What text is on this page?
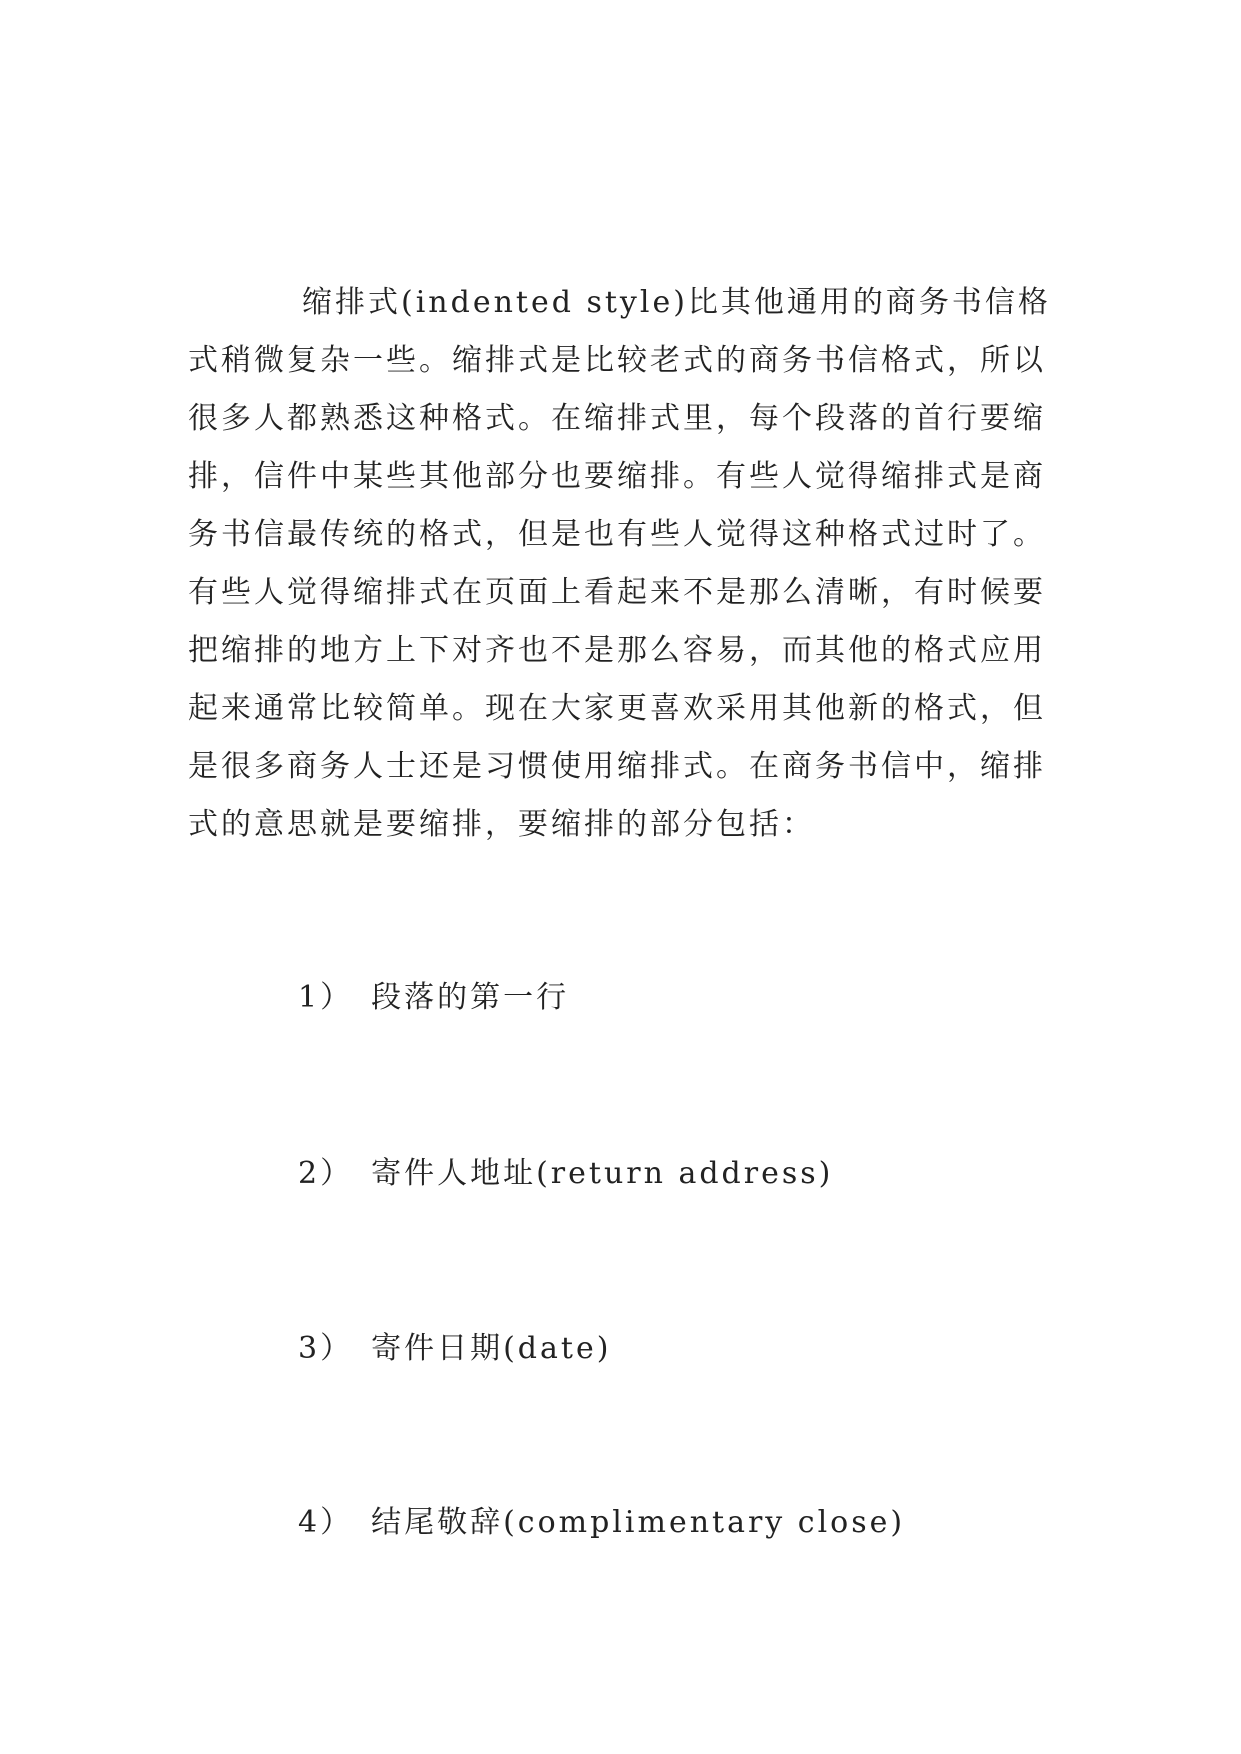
缩排式(indented style)比其他通用的商务书信格
式稍微复杂一些。缩排式是比较老式的商务书信格式，所以
很多人都熟悉这种格式。在缩排式里，每个段落的首行要缩
排，信件中某些其他部分也要缩排。有些人觉得缩排式是商
务书信最传统的格式，但是也有些人觉得这种格式过时了。
有些人觉得缩排式在页面上看起来不是那么清晰，有时候要
把缩排的地方上下对齐也不是那么容易，而其他的格式应用
起来通常比较简单。现在大家更喜欢采用其他新的格式，但
是很多商务人士还是习惯使用缩排式。在商务书信中，缩排
式的意思就是要缩排，要缩排的部分包括：
1） 段落的第一行
2） 寄件人地址(return address)
3） 寄件日期(date)
4） 结尾敬辞(complimentary close)
